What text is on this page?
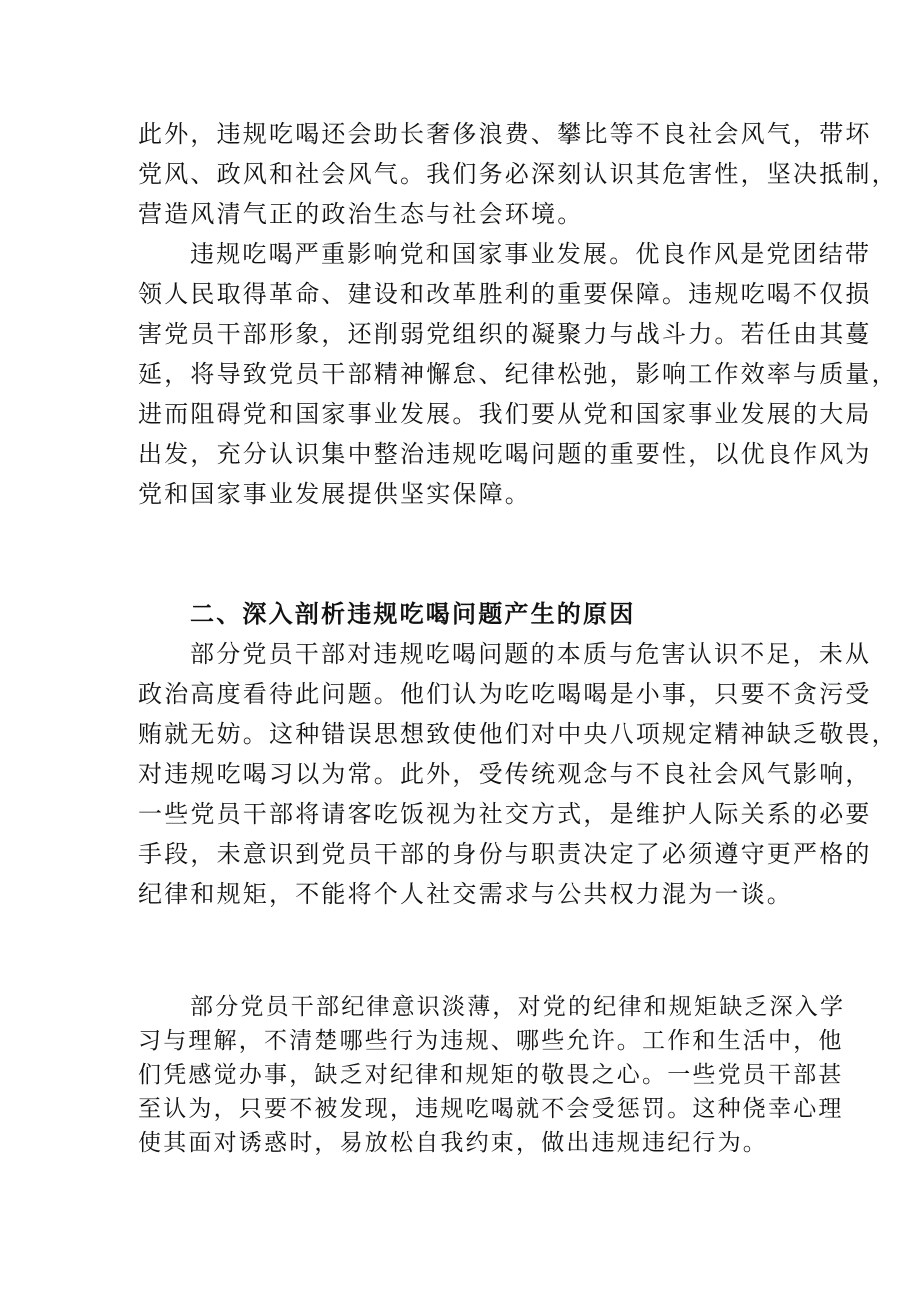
此外，违规吃喝还会助长奢侈浪费、攀比等不良社会风气，带坏
党风、政风和社会风气。我们务必深刻认识其危害性，坚决抵制，
营造风清气正的政治生态与社会环境。

违规吃喝严重影响党和国家事业发展。优良作风是党团结带
领人民取得革命、建设和改革胜利的重要保障。违规吃喝不仅损
害党员干部形象，还削弱党组织的凝聚力与战斗力。若任由其蔓
延，将导致党员干部精神懈怠、纪律松弛，影响工作效率与质量，
进而阻碍党和国家事业发展。我们要从党和国家事业发展的大局
出发，充分认识集中整治违规吃喝问题的重要性，以优良作风为
党和国家事业发展提供坚实保障。

二、深入剖析违规吃喝问题产生的原因

部分党员干部对违规吃喝问题的本质与危害认识不足，未从
政治高度看待此问题。他们认为吃吃喝喝是小事，只要不贪污受
贿就无妨。这种错误思想致使他们对中央八项规定精神缺乏敬畏，
对违规吃喝习以为常。此外，受传统观念与不良社会风气影响，
一些党员干部将请客吃饭视为社交方式，是维护人际关系的必要
手段，未意识到党员干部的身份与职责决定了必须遵守更严格的
纪律和规矩，不能将个人社交需求与公共权力混为一谈。

部分党员干部纪律意识淡薄，对党的纪律和规矩缺乏深入学
习与理解，不清楚哪些行为违规、哪些允许。工作和生活中，他
们凭感觉办事，缺乏对纪律和规矩的敬畏之心。一些党员干部甚
至认为，只要不被发现，违规吃喝就不会受惩罚。这种侥幸心理
使其面对诱惑时，易放松自我约束，做出违规违纪行为。
